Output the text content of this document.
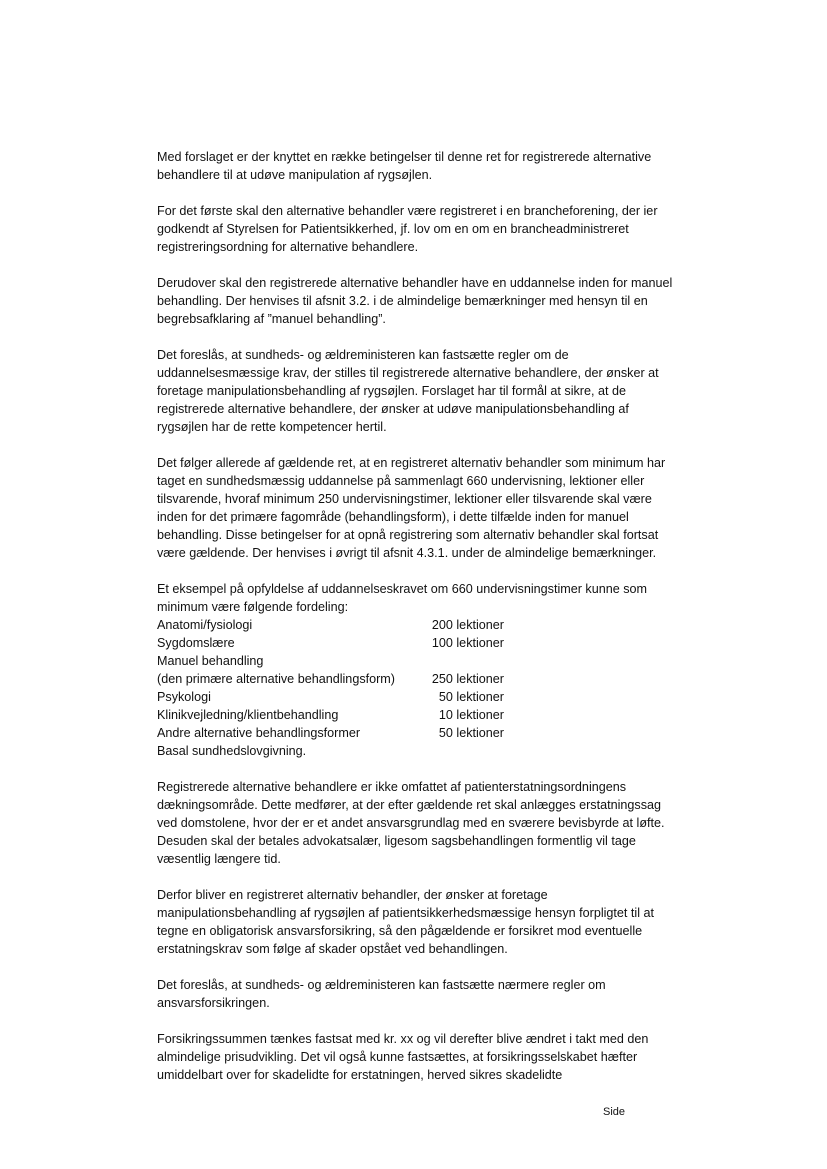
Med forslaget er der knyttet en række betingelser til denne ret for registrerede alternative behandlere til at udøve manipulation af rygsøjlen.

For det første skal den alternative behandler være registreret i en brancheforening, der ier godkendt af Styrelsen for Patientsikkerhed, jf. lov om en om en brancheadministreret registreringsordning for alternative behandlere.

Derudover skal den registrerede alternative behandler have en uddannelse inden for manuel behandling. Der henvises til afsnit 3.2. i de almindelige bemærkninger med hensyn til en begrebsafklaring af ”manuel behandling”.

Det foreslås, at sundheds- og ældreministeren kan fastsætte regler om de uddannelsesmæssige krav, der stilles til registrerede alternative behandlere, der ønsker at foretage manipulationsbehandling af rygsøjlen. Forslaget har til formål at sikre, at de registrerede alternative behandlere, der ønsker at udøve manipulationsbehandling af rygsøjlen har de rette kompetencer hertil.

Det følger allerede af gældende ret, at en registreret alternativ behandler som minimum har taget en sundhedsmæssig uddannelse på sammenlagt 660 undervisning, lektioner eller tilsvarende, hvoraf minimum 250 undervisningstimer, lektioner eller tilsvarende skal være inden for det primære fagområde (behandlingsform), i dette tilfælde inden for manuel behandling. Disse betingelser for at opnå registrering som alternativ behandler skal fortsat være gældende. Der henvises i øvrigt til afsnit 4.3.1. under de almindelige bemærkninger.

Et eksempel på opfyldelse af uddannelseskravet om 660 undervisningstimer kunne som minimum være følgende fordeling:
Anatomi/fysiologi	200 lektioner
Sygdomslære	100 lektioner
Manuel behandling
(den primære alternative behandlingsform)	250 lektioner
Psykologi	50 lektioner
Klinikvejledning/klientbehandling	10 lektioner
Andre alternative behandlingsformer	50 lektioner
Basal sundhedslovgivning.

Registrerede alternative behandlere er ikke omfattet af patienterstatningsordningens dækningsområde. Dette medfører, at der efter gældende ret skal anlægges erstatningssag ved domstolene, hvor der er et andet ansvarsgrundlag med en sværere bevisbyrde at løfte. Desuden skal der betales advokatsalær, ligesom sagsbehandlingen formentlig vil tage væsentlig længere tid.

Derfor bliver en registreret alternativ behandler, der ønsker at foretage manipulationsbehandling af rygsøjlen af patientsikkerhedsmæssige hensyn forpligtet til at tegne en obligatorisk ansvarsforsikring, så den pågældende er forsikret mod eventuelle erstatningskrav som følge af skader opstået ved behandlingen.

Det foreslås, at sundheds- og ældreministeren kan fastsætte nærmere regler om ansvarsforsikringen.

Forsikringssummen tænkes fastsat med kr. xx og vil derefter blive ændret i takt med den almindelige prisudvikling. Det vil også kunne fastsættes, at forsikringsselskabet hæfter umiddelbart over for skadelidte for erstatningen, herved sikres skadelidte

Side
